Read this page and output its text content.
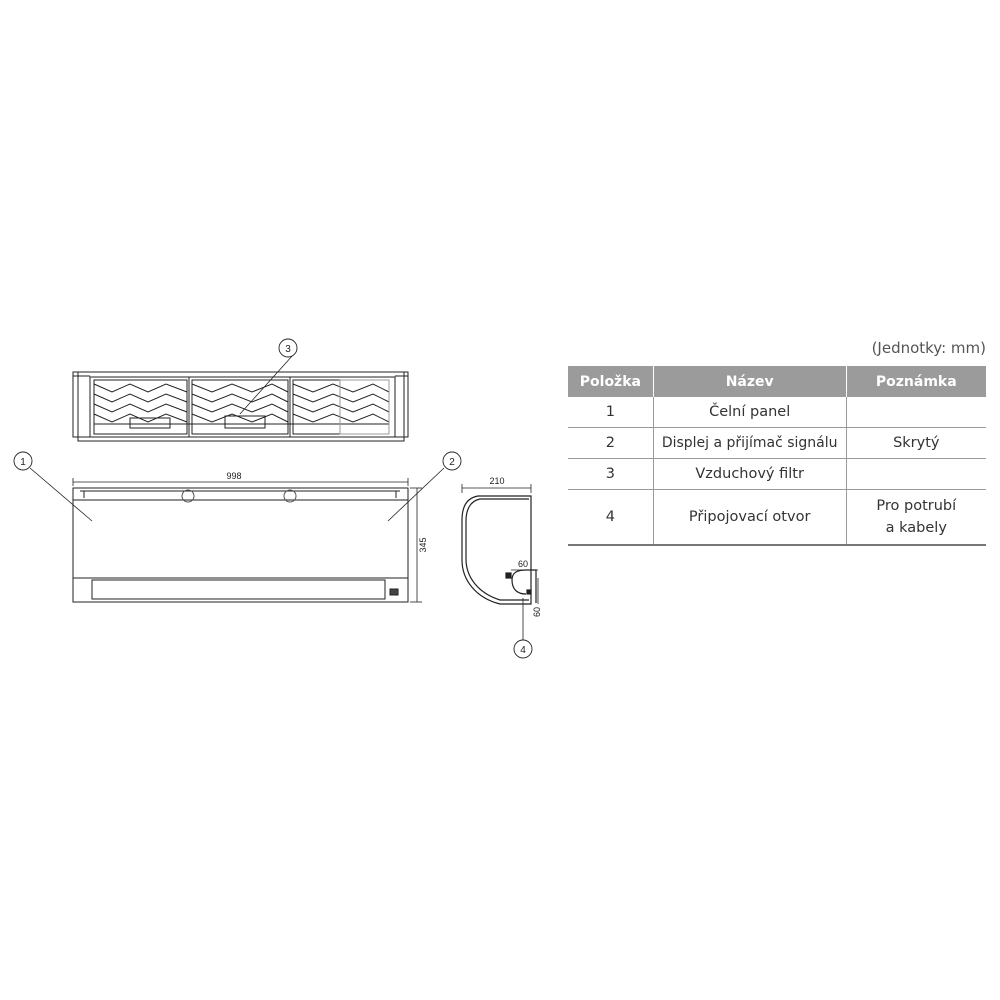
998
345
210
60
60
3
1	2
4
(Jednotky: mm)
Položka	Název	Poznámka
1	Čelní panel	
2	Displej a přijímač signálu	Skrytý
3	Vzduchový filtr	
4	Připojovací otvor	Pro potrubí
a kabely
